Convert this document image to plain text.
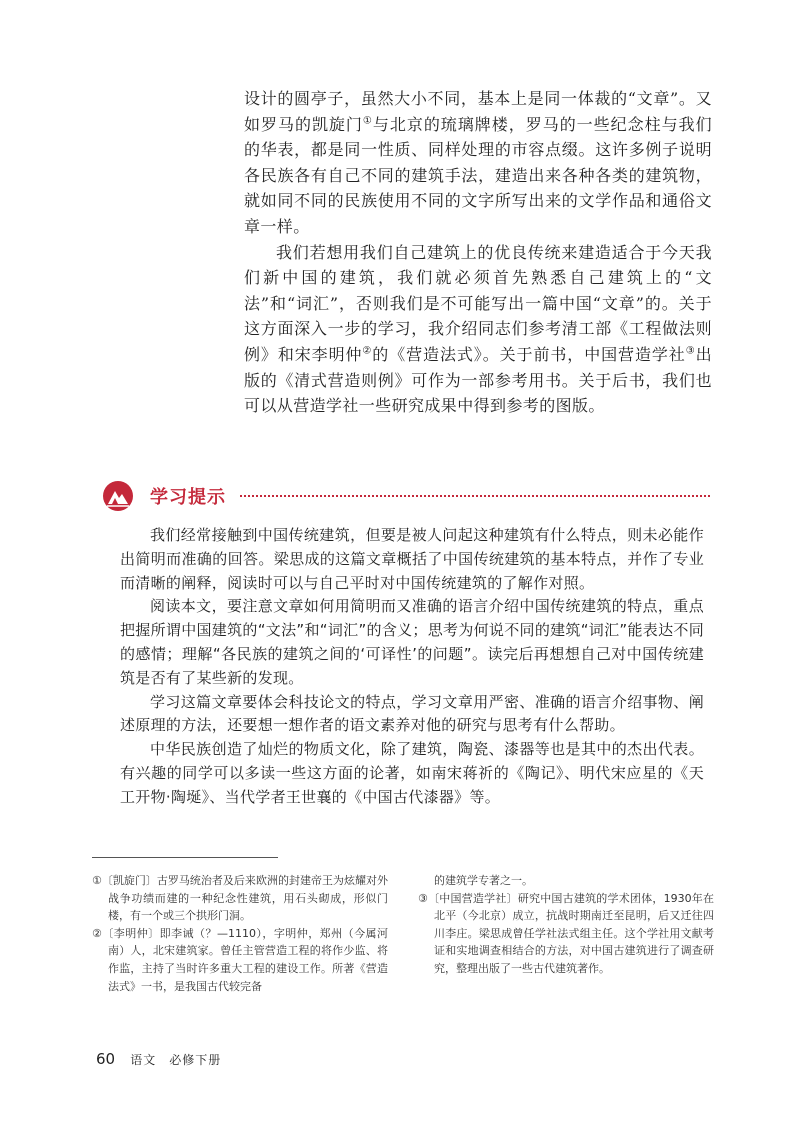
设计的圆亭子，虽然大小不同，基本上是同一体裁的“文章”。又如罗马的凯旋门①与北京的琉璃牌楼，罗马的一些纪念柱与我们的华表，都是同一性质、同样处理的市容点缀。这许多例子说明各民族各有自己不同的建筑手法，建造出来各种各类的建筑物，就如同不同的民族使用不同的文字所写出来的文学作品和通俗文章一样。

我们若想用我们自己建筑上的优良传统来建造适合于今天我们新中国的建筑，我们就必须首先熟悉自己建筑上的“文法”和“词汇”，否则我们是不可能写出一篇中国“文章”的。关于这方面深入一步的学习，我介绍同志们参考清工部《工程做法则例》和宋李明仲②的《营造法式》。关于前书，中国营造学社③出版的《清式营造则例》可作为一部参考用书。关于后书，我们也可以从营造学社一些研究成果中得到参考的图版。

学习提示

我们经常接触到中国传统建筑，但要是被人问起这种建筑有什么特点，则未必能作出简明而准确的回答。梁思成的这篇文章概括了中国传统建筑的基本特点，并作了专业而清晰的阐释，阅读时可以与自己平时对中国传统建筑的了解作对照。

阅读本文，要注意文章如何用简明而又准确的语言介绍中国传统建筑的特点，重点把握所谓中国建筑的“文法”和“词汇”的含义；思考为何说不同的建筑“词汇”能表达不同的感情；理解“各民族的建筑之间的‘可译性’的问题”。读完后再想想自己对中国传统建筑是否有了某些新的发现。

学习这篇文章要体会科技论文的特点，学习文章用严密、准确的语言介绍事物、阐述原理的方法，还要想一想作者的语文素养对他的研究与思考有什么帮助。

中华民族创造了灿烂的物质文化，除了建筑，陶瓷、漆器等也是其中的杰出代表。有兴趣的同学可以多读一些这方面的论著，如南宋蒋祈的《陶记》、明代宋应星的《天工开物·陶埏》、当代学者王世襄的《中国古代漆器》等。

①〔凯旋门〕古罗马统治者及后来欧洲的封建帝王为炫耀对外战争功绩而建的一种纪念性建筑，用石头砌成，形似门楼，有一个或三个拱形门洞。

②〔李明仲〕即李诫（？—1110），字明仲，郑州（今属河南）人，北宋建筑家。曾任主管营造工程的将作少监、将作监，主持了当时许多重大工程的建设工作。所著《营造法式》一书，是我国古代较完备

的建筑学专著之一。

③〔中国营造学社〕研究中国古建筑的学术团体，1930年在北平（今北京）成立，抗战时期南迁至昆明，后又迁往四川李庄。梁思成曾任学社法式组主任。这个学社用文献考证和实地调查相结合的方法，对中国古建筑进行了调查研究，整理出版了一些古代建筑著作。

60 语文　必修下册
